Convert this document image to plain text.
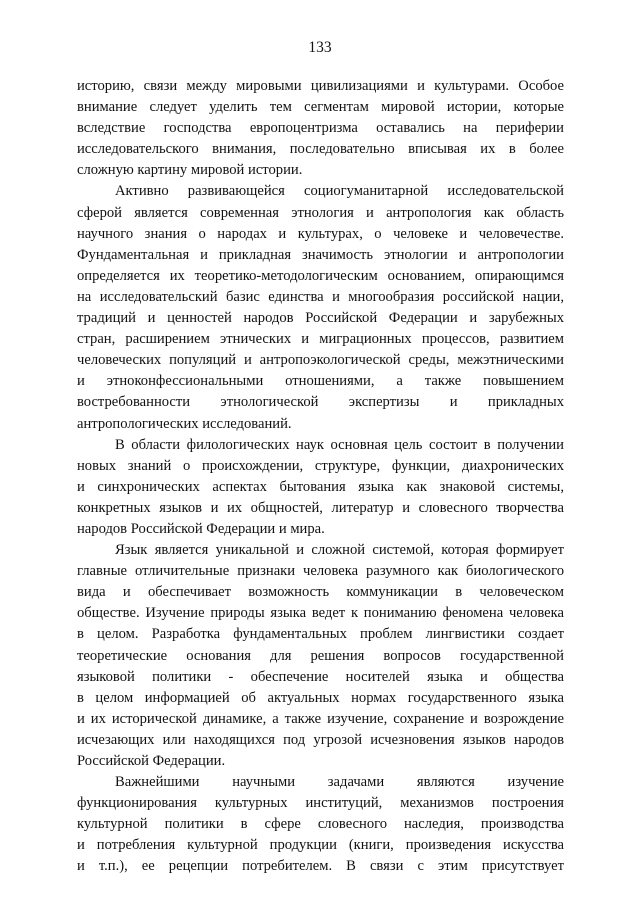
133

историю, связи между мировыми цивилизациями и культурами. Особое
внимание следует уделить тем сегментам мировой истории, которые
вследствие господства европоцентризма оставались на периферии
исследовательского внимания, последовательно вписывая их в более
сложную картину мировой истории.

Активно развивающейся социогуманитарной исследовательской
сферой является современная этнология и антропология как область
научного знания о народах и культурах, о человеке и человечестве.
Фундаментальная и прикладная значимость этнологии и антропологии
определяется их теоретико-методологическим основанием, опирающимся
на исследовательский базис единства и многообразия российской нации,
традиций и ценностей народов Российской Федерации и зарубежных
стран, расширением этнических и миграционных процессов, развитием
человеческих популяций и антропоэкологической среды, межэтническими
и этноконфессиональными отношениями, а также повышением
востребованности этнологической экспертизы и прикладных
антропологических исследований.

В области филологических наук основная цель состоит в получении
новых знаний о происхождении, структуре, функции, диахронических
и синхронических аспектах бытования языка как знаковой системы,
конкретных языков и их общностей, литератур и словесного творчества
народов Российской Федерации и мира.

Язык является уникальной и сложной системой, которая формирует
главные отличительные признаки человека разумного как биологического
вида и обеспечивает возможность коммуникации в человеческом
обществе. Изучение природы языка ведет к пониманию феномена человека
в целом. Разработка фундаментальных проблем лингвистики создает
теоретические основания для решения вопросов государственной
языковой политики - обеспечение носителей языка и общества
в целом информацией об актуальных нормах государственного языка
и их исторической динамике, а также изучение, сохранение и возрождение
исчезающих или находящихся под угрозой исчезновения языков народов
Российской Федерации.

Важнейшими научными задачами являются изучение
функционирования культурных институций, механизмов построения
культурной политики в сфере словесного наследия, производства
и потребления культурной продукции (книги, произведения искусства
и т.п.), ее рецепции потребителем. В связи с этим присутствует
